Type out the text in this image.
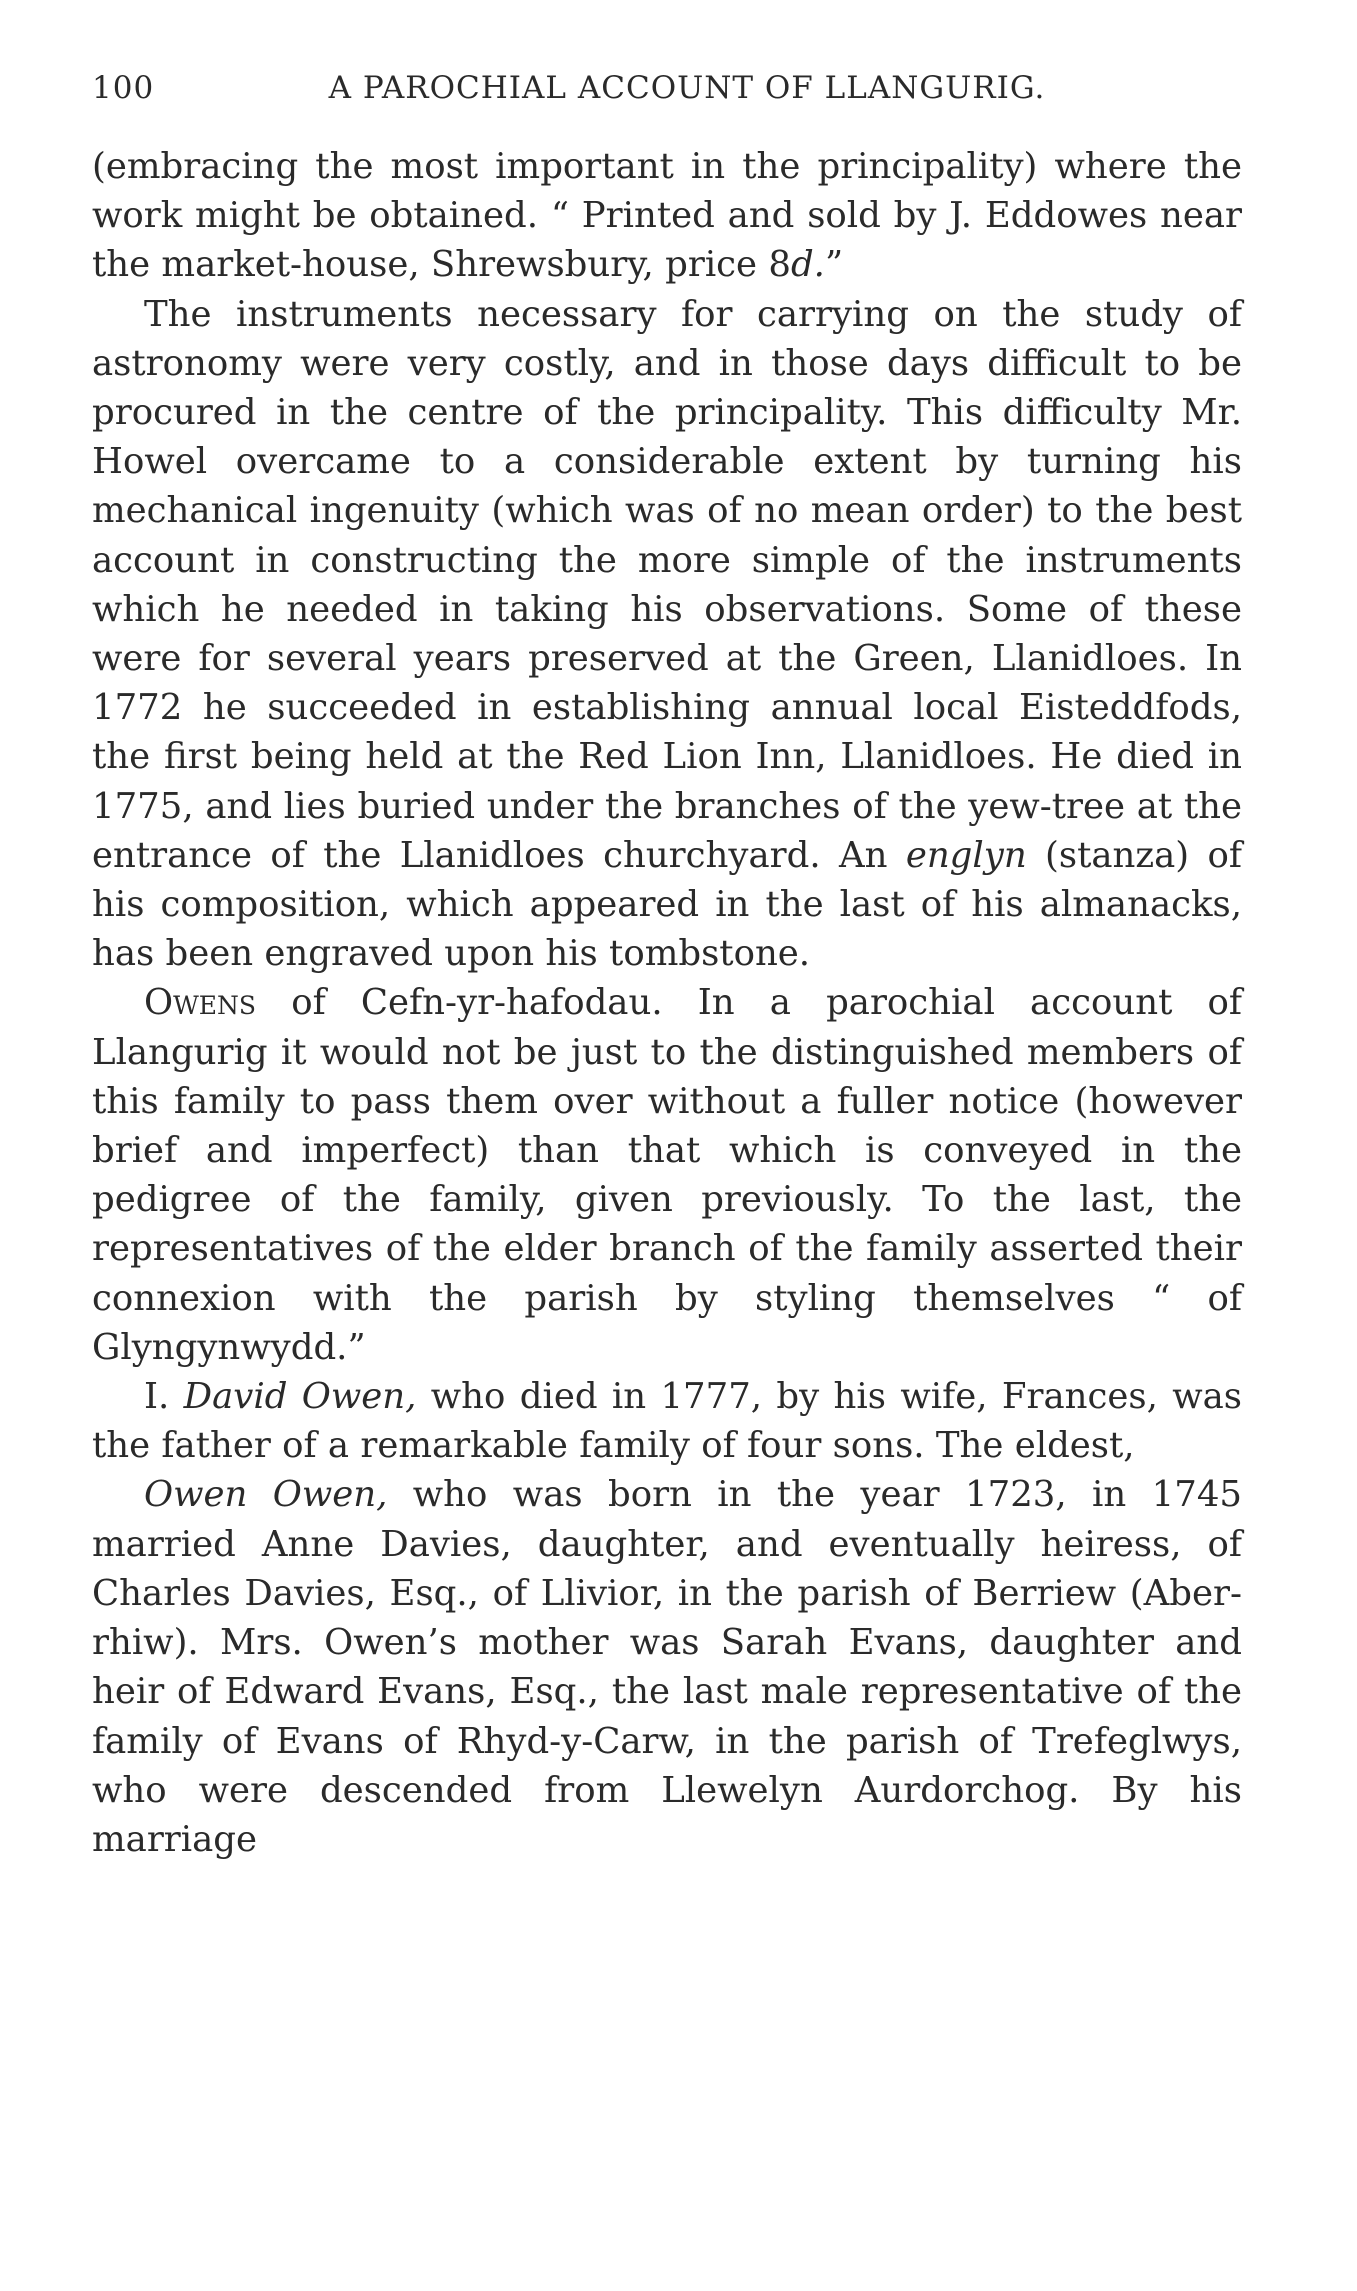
100	A PAROCHIAL ACCOUNT OF LLANGURIG.

(embracing the most important in the principality) where the work might be obtained. “ Printed and sold by J. Eddowes near the market-house, Shrewsbury, price 8d.”

The instruments necessary for carrying on the study of astronomy were very costly, and in those days difficult to be procured in the centre of the principality. This difficulty Mr. Howel overcame to a considerable extent by turning his mechanical ingenuity (which was of no mean order) to the best account in constructing the more simple of the instruments which he needed in taking his observations. Some of these were for several years preserved at the Green, Llanidloes. In 1772 he succeeded in establishing annual local Eisteddfods, the first being held at the Red Lion Inn, Llanidloes. He died in 1775, and lies buried under the branches of the yew-tree at the entrance of the Llanidloes churchyard. An englyn (stanza) of his composition, which appeared in the last of his almanacks, has been engraved upon his tombstone.

Owens of Cefn-yr-hafodau. In a parochial account of Llangurig it would not be just to the distinguished members of this family to pass them over without a fuller notice (however brief and imperfect) than that which is conveyed in the pedigree of the family, given previously. To the last, the representatives of the elder branch of the family asserted their connexion with the parish by styling themselves “ of Glyngynwydd.”

I. David Owen, who died in 1777, by his wife, Frances, was the father of a remarkable family of four sons. The eldest,

Owen Owen, who was born in the year 1723, in 1745 married Anne Davies, daughter, and eventually heiress, of Charles Davies, Esq., of Llivior, in the parish of Berriew (Aber-rhiw). Mrs. Owen’s mother was Sarah Evans, daughter and heir of Edward Evans, Esq., the last male representative of the family of Evans of Rhyd-y-Carw, in the parish of Trefeglwys, who were descended from Llewelyn Aurdorchog. By his marriage
